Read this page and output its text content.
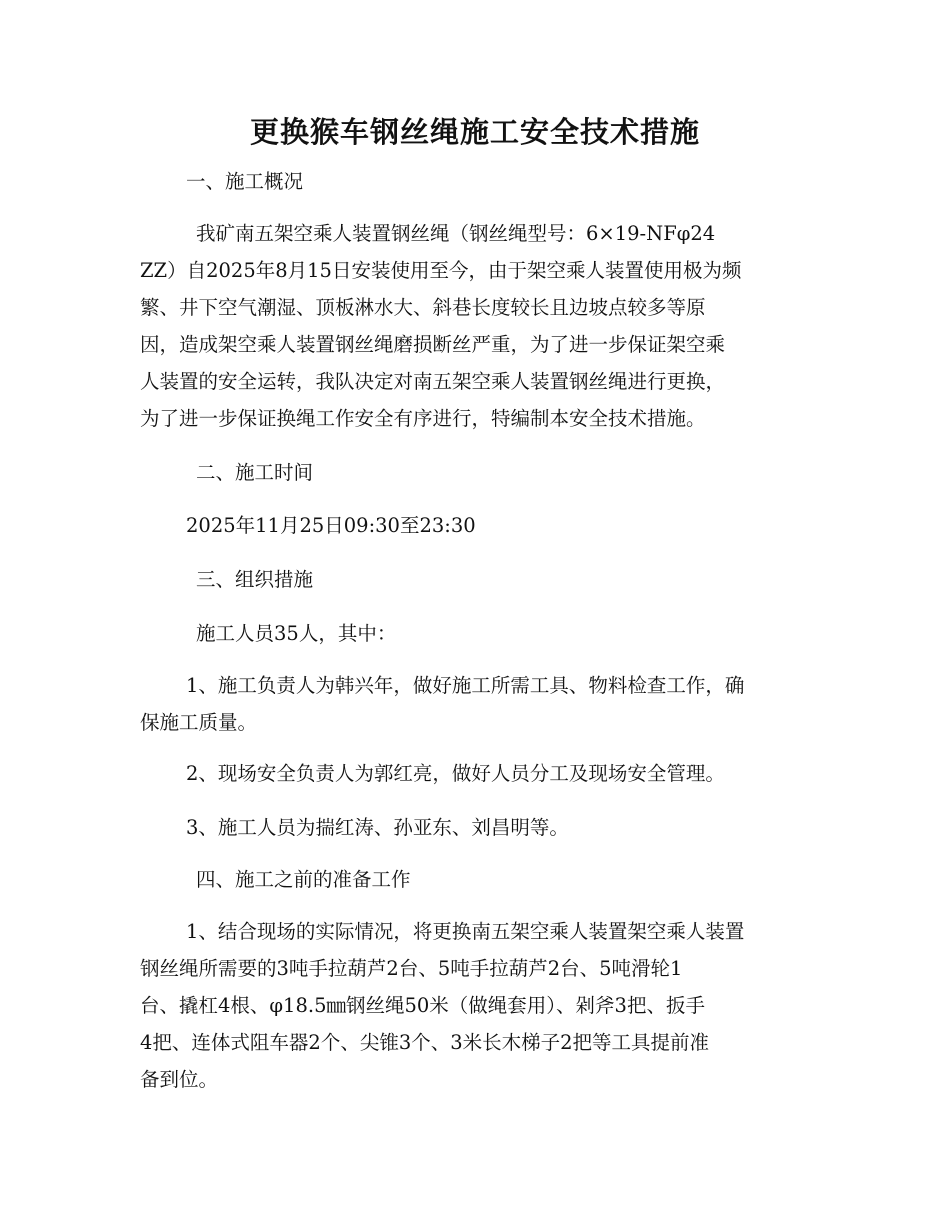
更换猴车钢丝绳施工安全技术措施

一、施工概况

我矿南五架空乘人装置钢丝绳（钢丝绳型号：6×19-NFφ24

ZZ）自2025年8月15日安装使用至今，由于架空乘人装置使用极为频

繁、井下空气潮湿、顶板淋水大、斜巷长度较长且边坡点较多等原

因，造成架空乘人装置钢丝绳磨损断丝严重，为了进一步保证架空乘

人装置的安全运转，我队决定对南五架空乘人装置钢丝绳进行更换，

为了进一步保证换绳工作安全有序进行，特编制本安全技术措施。

二、施工时间

2025年11月25日09:30至23:30

三、组织措施

施工人员35人，其中：

1、施工负责人为韩兴年，做好施工所需工具、物料检查工作，确

保施工质量。

2、现场安全负责人为郭红亮，做好人员分工及现场安全管理。

3、施工人员为揣红涛、孙亚东、刘昌明等。

四、施工之前的准备工作

1、结合现场的实际情况，将更换南五架空乘人装置架空乘人装置

钢丝绳所需要的3吨手拉葫芦2台、5吨手拉葫芦2台、5吨滑轮1

台、撬杠4根、φ18.5㎜钢丝绳50米（做绳套用）、剁斧3把、扳手

4把、连体式阻车器2个、尖锥3个、3米长木梯子2把等工具提前准

备到位。
